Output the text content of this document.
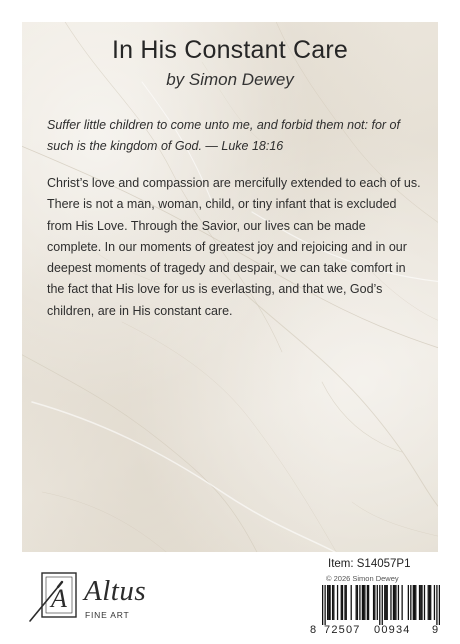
In His Constant Care
by Simon Dewey

Suffer little children to come unto me, and forbid them not: for of such is the kingdom of God. — Luke 18:16

Christ’s love and compassion are mercifully extended to each of us. There is not a man, woman, child, or tiny infant that is excluded from His Love. Through the Savior, our lives can be made complete. In our moments of greatest joy and rejoicing and in our deepest moments of tragedy and despair, we can take comfort in the fact that His love for us is everlasting, and that we, God’s children, are in His constant care.

A Altus
FINE ART
Item: S14057P1
© 2026 Simon Dewey
8 72507 00934 9
